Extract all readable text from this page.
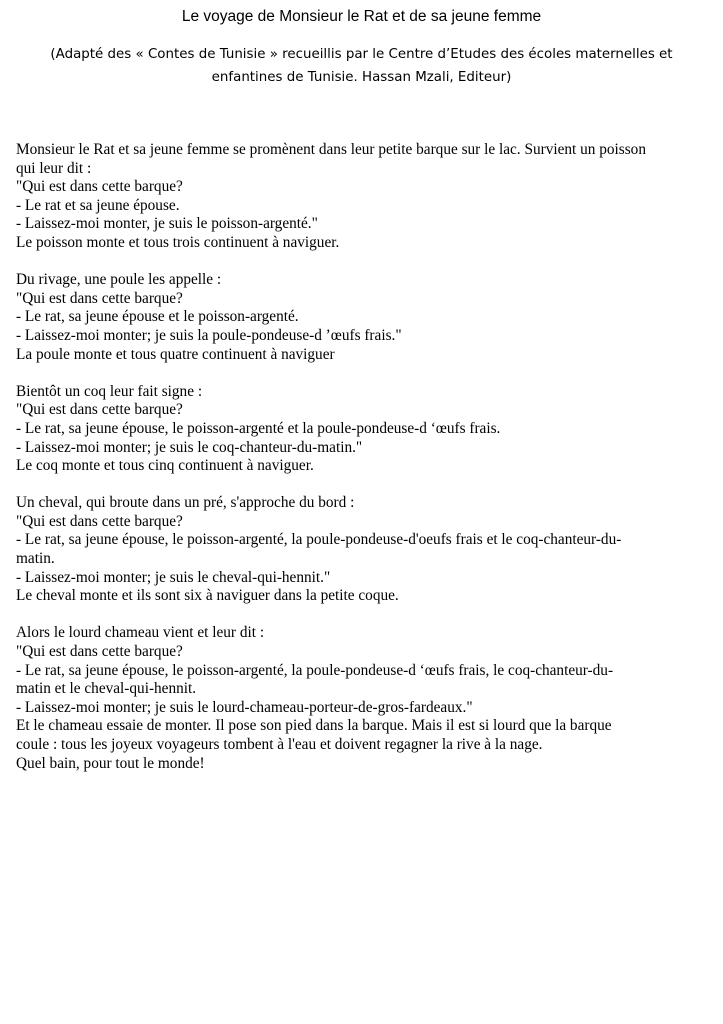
Le voyage de Monsieur le Rat et de sa jeune femme
(Adapté des « Contes de Tunisie » recueillis par le Centre d’Etudes des écoles maternelles et
enfantines de Tunisie. Hassan Mzali, Editeur)
Monsieur le Rat et sa jeune femme se promènent dans leur petite barque sur le lac. Survient un poisson
qui leur dit :
"Qui est dans cette barque?
- Le rat et sa jeune épouse.
- Laissez-moi monter, je suis le poisson-argenté."
Le poisson monte et tous trois continuent à naviguer.
Du rivage, une poule les appelle :
"Qui est dans cette barque?
- Le rat, sa jeune épouse et le poisson-argenté.
- Laissez-moi monter; je suis la poule-pondeuse-d ’œufs frais."
La poule monte et tous quatre continuent à naviguer
Bientôt un coq leur fait signe :
"Qui est dans cette barque?
- Le rat, sa jeune épouse, le poisson-argenté et la poule-pondeuse-d ‘œufs frais.
- Laissez-moi monter; je suis le coq-chanteur-du-matin."
Le coq monte et tous cinq continuent à naviguer.
Un cheval, qui broute dans un pré, s'approche du bord :
"Qui est dans cette barque?
- Le rat, sa jeune épouse, le poisson-argenté, la poule-pondeuse-d'oeufs frais et le coq-chanteur-du-
matin.
- Laissez-moi monter; je suis le cheval-qui-hennit."
Le cheval monte et ils sont six à naviguer dans la petite coque.
Alors le lourd chameau vient et leur dit :
"Qui est dans cette barque?
- Le rat, sa jeune épouse, le poisson-argenté, la poule-pondeuse-d ‘œufs frais, le coq-chanteur-du-
matin et le cheval-qui-hennit.
- Laissez-moi monter; je suis le lourd-chameau-porteur-de-gros-fardeaux."
Et le chameau essaie de monter. Il pose son pied dans la barque. Mais il est si lourd que la barque
coule : tous les joyeux voyageurs tombent à l'eau et doivent regagner la rive à la nage.
Quel bain, pour tout le monde!
